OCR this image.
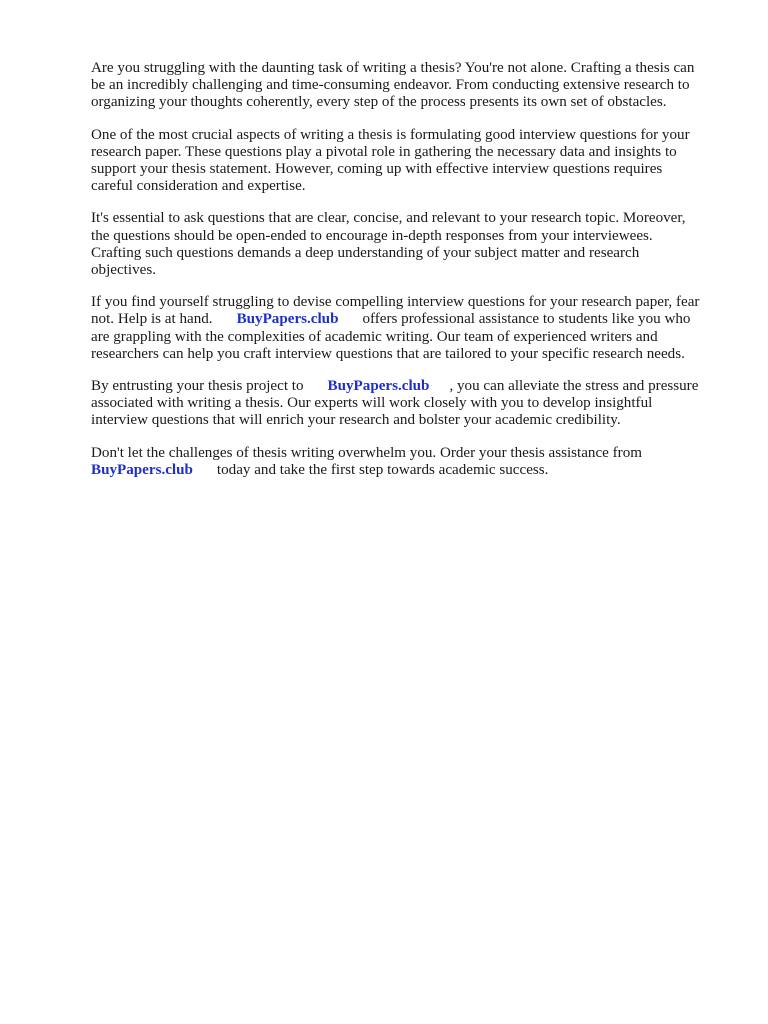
Are you struggling with the daunting task of writing a thesis? You're not alone. Crafting a thesis can
be an incredibly challenging and time-consuming endeavor. From conducting extensive research to
organizing your thoughts coherently, every step of the process presents its own set of obstacles.

One of the most crucial aspects of writing a thesis is formulating good interview questions for your
research paper. These questions play a pivotal role in gathering the necessary data and insights to
support your thesis statement. However, coming up with effective interview questions requires
careful consideration and expertise.

It's essential to ask questions that are clear, concise, and relevant to your research topic. Moreover,
the questions should be open-ended to encourage in-depth responses from your interviewees.
Crafting such questions demands a deep understanding of your subject matter and research
objectives.

If you find yourself struggling to devise compelling interview questions for your research paper, fear
not. Help is at hand. BuyPapers.club offers professional assistance to students like you who
are grappling with the complexities of academic writing. Our team of experienced writers and
researchers can help you craft interview questions that are tailored to your specific research needs.

By entrusting your thesis project to BuyPapers.club , you can alleviate the stress and pressure
associated with writing a thesis. Our experts will work closely with you to develop insightful
interview questions that will enrich your research and bolster your academic credibility.

Don't let the challenges of thesis writing overwhelm you. Order your thesis assistance from
BuyPapers.club today and take the first step towards academic success.
